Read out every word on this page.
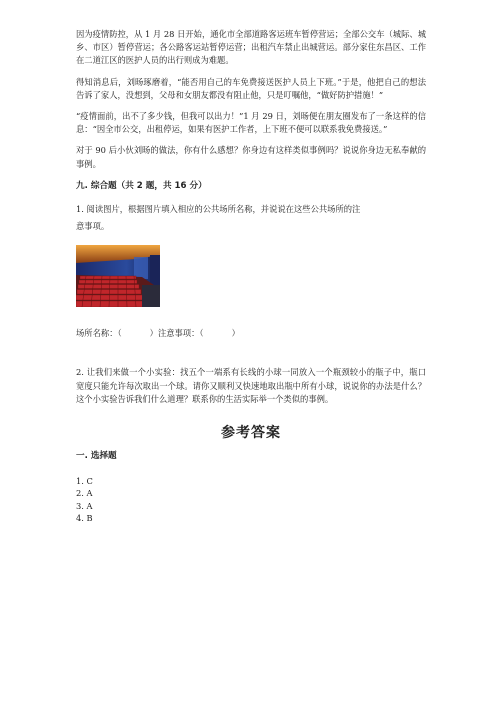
因为疫情防控，从 1 月 28 日开始，通化市全部道路客运班车暂停营运；全部公交车（城际、城乡、市区）暂停营运；各公路客运站暂停运营；出租汽车禁止出城营运。部分家住东昌区、工作在二道江区的医护人员的出行则成为难题。

得知消息后，刘旸琢磨着，“能否用自己的车免费接送医护人员上下班。”于是，他把自己的想法告诉了家人，没想到，父母和女朋友都没有阻止他，只是叮嘱他，“做好防护措施！”

“疫情面前，出不了多少钱，但我可以出力！”1 月 29 日，刘旸便在朋友圈发布了一条这样的信息：“因全市公交，出租停运，如果有医护工作者，上下班不便可以联系我免费接送。”

对于 90 后小伙刘旸的做法，你有什么感想？你身边有这样类似事例吗？说说你身边无私奉献的事例。

九. 综合题（共 2 题，共 16 分）

1. 阅读图片，根据图片填入相应的公共场所名称，并说说在这些公共场所的注

意事项。

场所名称：（	）注意事项：（	）

2. 让我们来做一个小实验：找五个一端系有长线的小球一同放入一个瓶颈较小的瓶子中，瓶口宽度只能允许每次取出一个球。请你又顺利又快速地取出瓶中所有小球，说说你的办法是什么？这个小实验告诉我们什么道理？联系你的生活实际举一个类似的事例。

参考答案

一. 选择题

1. C
2. A
3. A
4. B
